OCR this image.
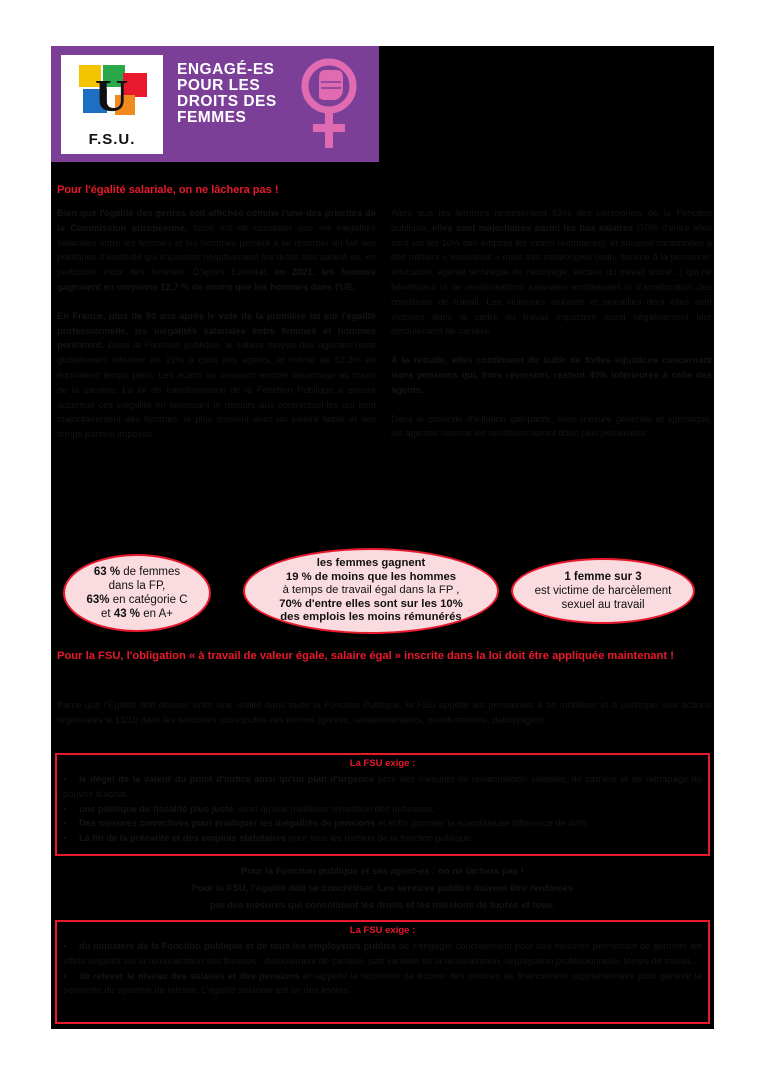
U
F.S.U.
ENGAGÉ-ES
POUR LES
DROITS DES
FEMMES
Le 13 octobre,
à l'appel de l'intersyndicale nationale,
en France et en Europe,
mobilisons-nous contre l'austérité,
pour les salaires
et l'égalité femmes-hommes !
Pour l'égalité salariale, on ne lâchera pas !

Bien que l'égalité des genres soit affichée comme l'une des priorités de la Commission européenne, force est de constater que les inégalités salariales entre les femmes et les hommes peinent à se résorber du fait des politiques d'austérité qui impactent négativement les droits des salarié-es, en particulier ceux des femmes. D'après Eurostat, en 2021, les femmes gagnaient en moyenne 12,7 % de moins que les hommes dans l'UE.

En France, plus de 50 ans après le vote de la première loi sur l'égalité professionnelle, les inégalités salariales entre femmes et hommes persistent. Dans la Fonction publique, le salaire moyen des agentes reste globalement inférieur de 19% à celui des agents, et même de 12,3% en équivalent temps plein. Les écarts se creusent encore davantage au cours de la carrière. La loi de transformation de la Fonction Publique a encore accentué ces inégalité en favorisant le recours aux contractuel·les qui sont majoritairement des femmes, le plus souvent avec un salaire faible et des temps partiels imposés.

Alors que les femmes représentent 63% des personnels de la Fonction publique, elles sont majoritaires parmi les bas salaires (70% d'entre elles sont sur les 10% des emplois les moins rémunérés), et souvent cantonnées à des métiers « essentiels » mais très stéréotypés (soin, service à la personne, éducation, agente technique de nettoyage, secteur du travail social...) qui ne bénéficient ni de revalorisations salariales ambitieuses ni d'amélioration des conditions de travail. Les violences sexistes et sexuelles dont elles sont victimes dans le cadre du travail impactent aussi négativement leur déroulement de carrière.

À la retraite, elles continuent de subir de fortes injustices concernant leurs pensions qui, hors réversion, restent 40% inférieures à celle des agents.

Dans le contexte d'inflation galopante, sans mesure générale et spécifique, les agentes comme les retraitées seront donc plus pénalisées.

63 % de femmes
dans la FP,
63% en catégorie C
et 43 % en A+
les femmes gagnent
19 % de moins que les hommes
à temps de travail égal dans la FP ,
70% d'entre elles sont sur les 10%
des emplois les moins rémunérés
1 femme sur 3
est victime de harcèlement
sexuel au travail
Pour la FSU, l'obligation « à travail de valeur égale, salaire égal » inscrite dans la loi doit être appliquée maintenant !
Parce que l'Égalité doit devenir enfin une réalité dans toute la Fonction Publique, la FSU appelle les personnels à se mobiliser et à participer aux actions organisées le 13/10 dans les territoires sous toutes ces formes (grèves, rassemblements, manifestations, débrayages).
La FSU exige :
▪ le dégel de la valeur du point d'indice ainsi qu'un plan d'urgence pour des mesures de revalorisation salariale, de carrière et de rattrapage du pouvoir d'achat,
▪ une politique de fiscalité plus juste, ainsi qu'une meilleure répartition des richesses,
▪ Des mesures correctives pour éradiquer les inégalités de pensions et enfin gommer la scandaleuse différence de 40%.
▪ La fin de la précarité et des emplois statutaires pour tous les métiers de la fonction publique.
Pour la Fonction publique et ses agent-es : on ne lâchera pas !
Pour la FSU, l'égalité doit se concrétiser. Les services publics doivent être renforcés
par des mesures qui consolident les droits et les missions de toutes et tous.
La FSU exige :
▪ du ministère de la Fonction publique et de tous les employeurs publics de s'engager concrètement pour des mesures permettant de gommer les effets négatifs sur la rémunération des femmes : déroulement de carrière, part variable de la rémunération, ségrégation professionnelle, temps de travail...
▪ de relever le niveau des salaires et des pensions et rappelle la nécessité de trouver des sources de financement supplémentaire pour garantir la pérennité du système de retraite. L'égalité salariale est un des leviers.
